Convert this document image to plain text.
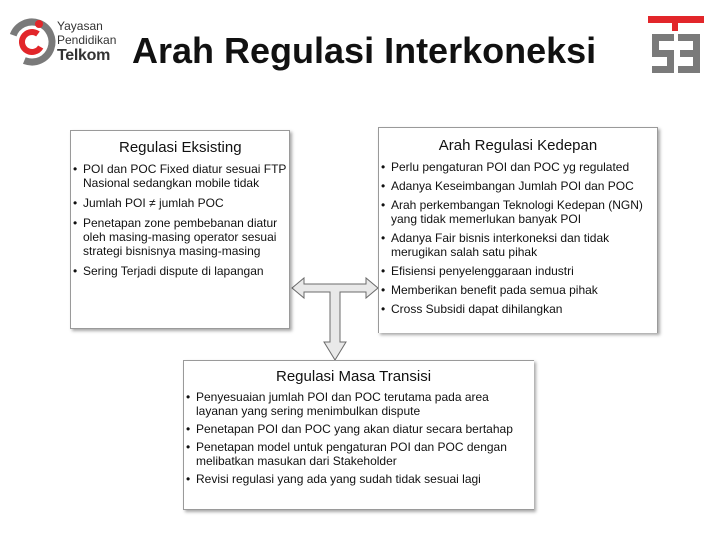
Yayasan
Pendidikan
Telkom Arah Regulasi Interkoneksi
Regulasi Eksisting
• POI dan POC Fixed diatur sesuai FTP Nasional sedangkan mobile tidak
• Jumlah POI ≠ jumlah POC
• Penetapan zone pembebanan diatur oleh masing-masing operator sesuai strategi bisnisnya masing-masing
• Sering Terjadi dispute di lapangan
Arah Regulasi Kedepan
• Perlu pengaturan POI dan POC yg regulated
• Adanya Keseimbangan Jumlah POI dan POC
• Arah perkembangan Teknologi Kedepan (NGN) yang tidak memerlukan banyak POI
• Adanya Fair bisnis interkoneksi dan tidak merugikan salah satu pihak
• Efisiensi penyelenggaraan industri
• Memberikan benefit pada semua pihak
• Cross Subsidi dapat dihilangkan
Regulasi Masa Transisi
• Penyesuaian jumlah POI dan POC terutama pada area layanan yang sering menimbulkan dispute
• Penetapan POI dan POC yang akan diatur secara bertahap
• Penetapan model untuk pengaturan POI dan POC dengan melibatkan masukan dari Stakeholder
• Revisi regulasi yang ada yang sudah tidak sesuai lagi
